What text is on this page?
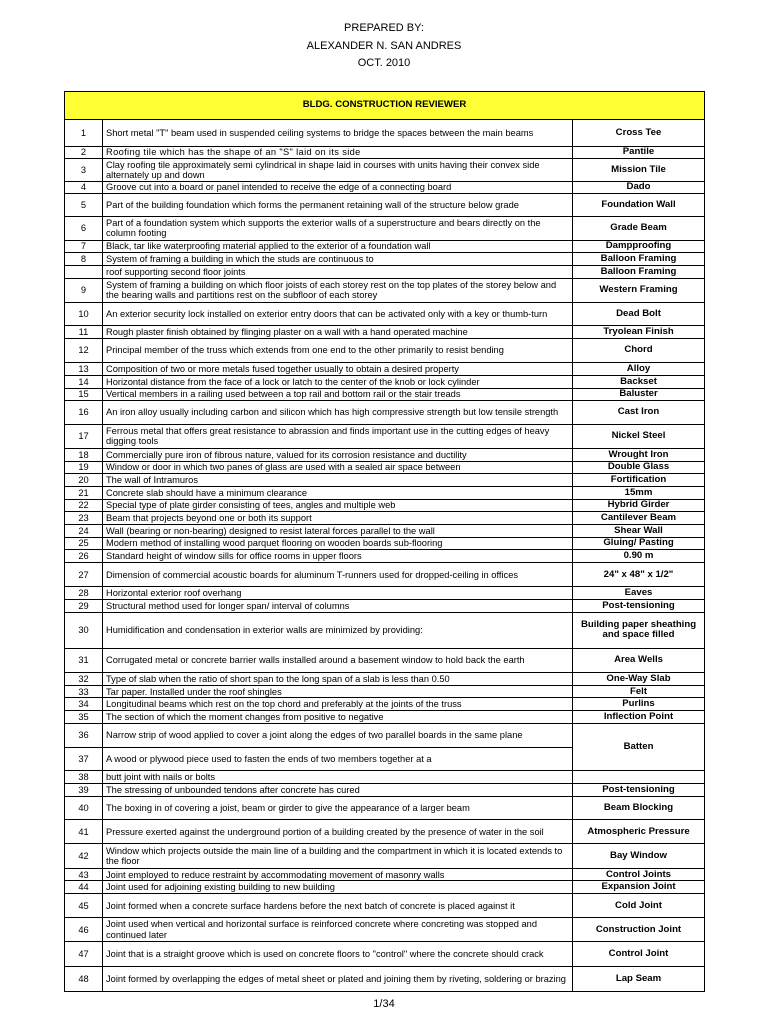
PREPARED BY:
ALEXANDER N. SAN ANDRES
OCT. 2010
BLDG. CONSTRUCTION REVIEWER		
1	Short metal "T" beam used in suspended ceiling systems to bridge the spaces between the main beams	Cross Tee
2	Roofing tile which has the shape of an "S" laid on its side	Pantile
3	Clay roofing tile approximately semi cylindrical in shape laid in courses with units having their convex side alternately up and down	Mission Tile
4	Groove cut into a board or panel intended to receive the edge of a connecting board	Dado
5	Part of the building foundation which forms the permanent retaining wall of the structure below grade	Foundation Wall
6	Part of a foundation system which supports the exterior walls of a superstructure and bears directly on the column footing	Grade Beam
7	Black, tar like waterproofing material applied to the exterior of a foundation wall	Dampproofing
8	System of framing a building in which the studs are continuous to	Balloon Framing
	roof supporting second floor joints	Balloon Framing
9	System of framing a building on which floor joists of each storey rest on the top plates of the storey below and the bearing walls and partitions rest on the subfloor of each storey	Western Framing
10	An exterior security lock installed on exterior entry doors that can be activated only with a key or thumb-turn	Dead Bolt
11	Rough plaster finish obtained by flinging plaster on a wall with a hand operated machine	Tryolean Finish
12	Principal member of the truss which extends from one end to the other primarily to resist bending	Chord
13	Composition of two or more metals fused together usually to obtain a desired property	Alloy
14	Horizontal distance from the face of a lock or latch to the center of the knob or lock cylinder	Backset
15	Vertical members in a railing used between a top rail and bottom rail or the stair treads	Baluster
16	An iron alloy usually including carbon and silicon which has high compressive strength but low tensile strength	Cast Iron
17	Ferrous metal that offers great resistance to abrassion and finds important use in the cutting edges of heavy digging tools	Nickel Steel
18	Commercially pure iron of fibrous nature, valued for its corrosion resistance and ductility	Wrought Iron
19	Window or door in which two panes of glass are used with a sealed air space between	Double Glass
20	The wall of Intramuros	Fortification
21	Concrete slab should have a minimum clearance	15mm
22	Special type of plate girder consisting of tees, angles and multiple web	Hybrid Girder
23	Beam that projects beyond one or both its support	Cantilever Beam
24	Wall (bearing or non-bearing) designed to resist lateral forces parallel to the wall	Shear Wall
25	Modern method of installing wood parquet flooring on wooden boards sub-flooring	Gluing/ Pasting
26	Standard height of window sills for office rooms in upper floors	0.90 m
27	Dimension of commercial acoustic boards for aluminum T-runners used for dropped-ceiling in offices	24" x 48" x 1/2"
28	Horizontal exterior roof overhang	Eaves
29	Structural method used for longer span/ interval of columns	Post-tensioning
30	Humidification and condensation in exterior walls are minimized by providing:	Building paper sheathing and space filled
31	Corrugated metal or concrete barrier walls installed around a basement window to hold back the earth	Area Wells
32	Type of slab when the ratio of short span to the long span of a slab is less than 0.50	One-Way Slab
33	Tar paper. Installed under the roof shingles	Felt
34	Longitudinal beams which rest on the top chord and preferably at the joints of the truss	Purlins
35	The section of which the moment changes from positive to negative	Inflection Point
36	Narrow strip of wood applied to cover a joint along the edges of two parallel boards in the same plane	Batten
37	A wood or plywood piece used to fasten the ends of two members together at a	
38	butt joint with nails or bolts	
39	The stressing of unbounded tendons after concrete has cured	Post-tensioning
40	The boxing in of covering a joist, beam or girder to give the appearance of a larger beam	Beam Blocking
41	Pressure exerted against the underground portion of a building created by the presence of water in the soil	Atmospheric Pressure
42	Window which projects outside the main line of a building and the compartment in which it is located extends to the floor	Bay Window
43	Joint employed to reduce restraint by accommodating movement of masonry walls	Control Joints
44	Joint used for adjoining existing building to new building	Expansion Joint
45	Joint formed when a concrete surface hardens before the next batch of concrete is placed against it	Cold Joint
46	Joint used when vertical and horizontal surface is reinforced concrete where concreting was stopped and continued later	Construction Joint
47	Joint that is a straight groove which is used on concrete floors to "control" where the concrete should crack	Control Joint
48	Joint formed by overlapping the edges of metal sheet or plated and joining them by riveting, soldering or brazing	Lap Seam
1/34
